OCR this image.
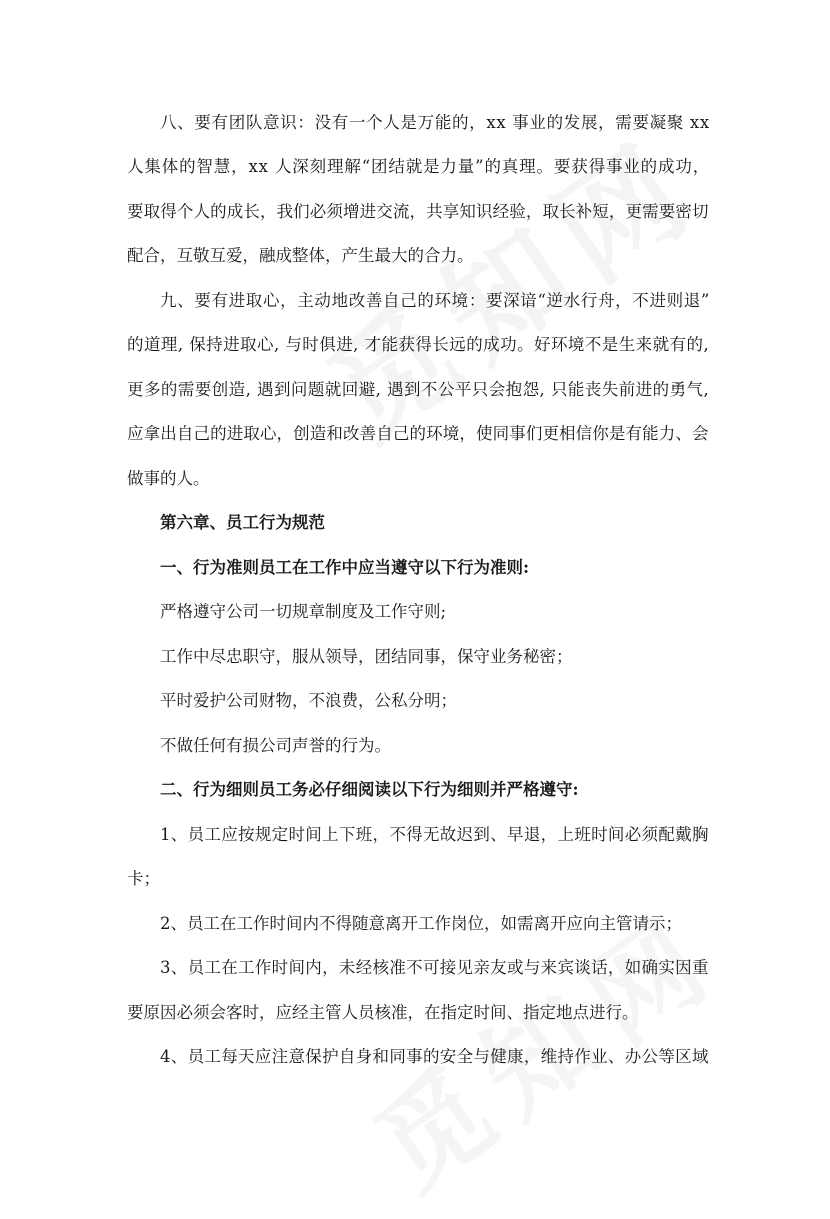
八、要有团队意识：没有一个人是万能的，xx 事业的发展，需要凝聚 xx
人集体的智慧，xx 人深刻理解“团结就是力量”的真理。要获得事业的成功，
要取得个人的成长，我们必须增进交流，共享知识经验，取长补短，更需要密切
配合，互敬互爱，融成整体，产生最大的合力。
九、要有进取心，主动地改善自己的环境：要深谙“逆水行舟，不进则退”
的道理, 保持进取心, 与时俱进, 才能获得长远的成功。好环境不是生来就有的,
更多的需要创造, 遇到问题就回避, 遇到不公平只会抱怨, 只能丧失前进的勇气,
应拿出自己的进取心，创造和改善自己的环境，使同事们更相信你是有能力、会
做事的人。
第六章、员工行为规范
一、行为准则员工在工作中应当遵守以下行为准则:
严格遵守公司一切规章制度及工作守则;
工作中尽忠职守，服从领导，团结同事，保守业务秘密；
平时爱护公司财物，不浪费，公私分明；
不做任何有损公司声誉的行为。
二、行为细则员工务必仔细阅读以下行为细则并严格遵守:
1、员工应按规定时间上下班，不得无故迟到、早退，上班时间必须配戴胸
卡；
2、员工在工作时间内不得随意离开工作岗位，如需离开应向主管请示；
3、员工在工作时间内，未经核准不可接见亲友或与来宾谈话，如确实因重
要原因必须会客时，应经主管人员核准，在指定时间、指定地点进行。
4、员工每天应注意保护自身和同事的安全与健康，维持作业、办公等区域
